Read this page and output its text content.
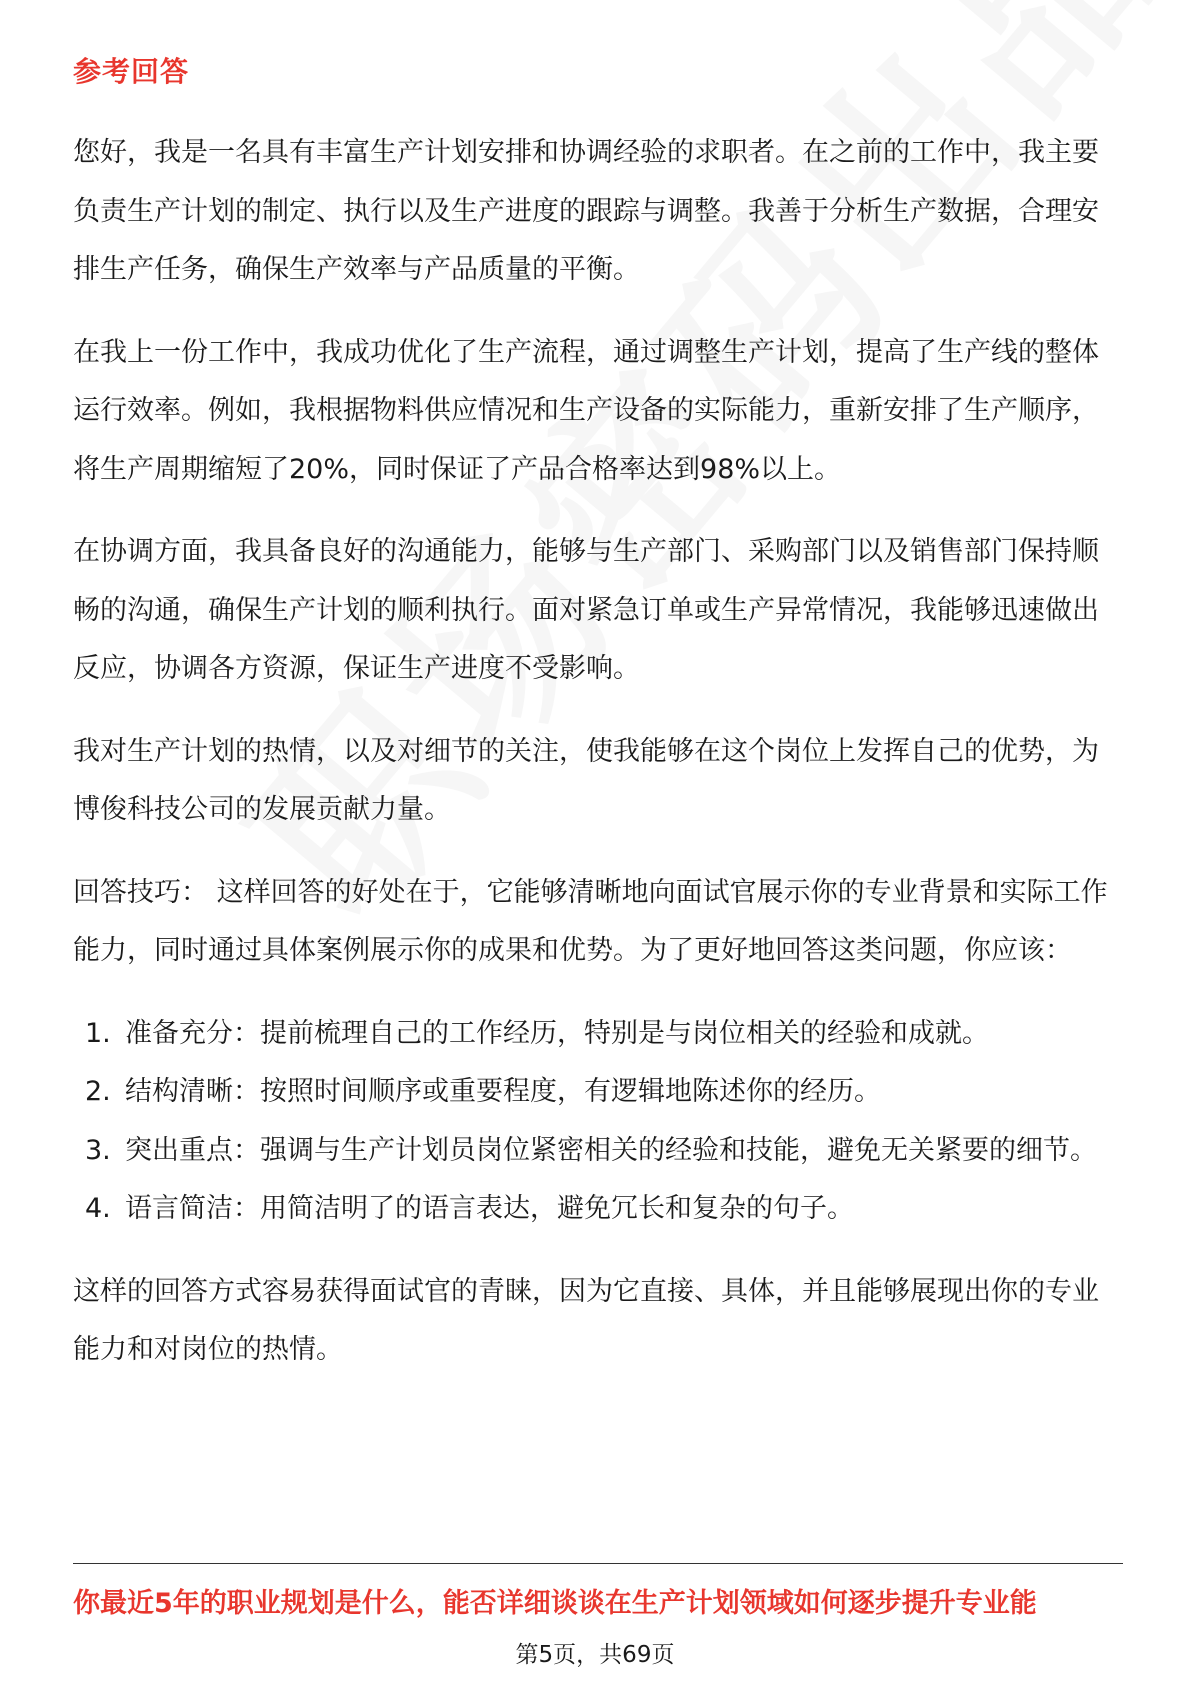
参考回答

您好，我是一名具有丰富生产计划安排和协调经验的求职者。在之前的工作中，我主要负责生产计划的制定、执行以及生产进度的跟踪与调整。我善于分析生产数据，合理安排生产任务，确保生产效率与产品质量的平衡。

在我上一份工作中，我成功优化了生产流程，通过调整生产计划，提高了生产线的整体运行效率。例如，我根据物料供应情况和生产设备的实际能力，重新安排了生产顺序，将生产周期缩短了20%，同时保证了产品合格率达到98%以上。

在协调方面，我具备良好的沟通能力，能够与生产部门、采购部门以及销售部门保持顺畅的沟通，确保生产计划的顺利执行。面对紧急订单或生产异常情况，我能够迅速做出反应，协调各方资源，保证生产进度不受影响。

我对生产计划的热情，以及对细节的关注，使我能够在这个岗位上发挥自己的优势，为博俊科技公司的发展贡献力量。

回答技巧： 这样回答的好处在于，它能够清晰地向面试官展示你的专业背景和实际工作能力，同时通过具体案例展示你的成果和优势。为了更好地回答这类问题，你应该：

1. 准备充分：提前梳理自己的工作经历，特别是与岗位相关的经验和成就。
2. 结构清晰：按照时间顺序或重要程度，有逻辑地陈述你的经历。
3. 突出重点：强调与生产计划员岗位紧密相关的经验和技能，避免无关紧要的细节。
4. 语言简洁：用简洁明了的语言表达，避免冗长和复杂的句子。

这样的回答方式容易获得面试官的青睐，因为它直接、具体，并且能够展现出你的专业能力和对岗位的热情。

你最近5年的职业规划是什么，能否详细谈谈在生产计划领域如何逐步提升专业能

第5页，共69页
